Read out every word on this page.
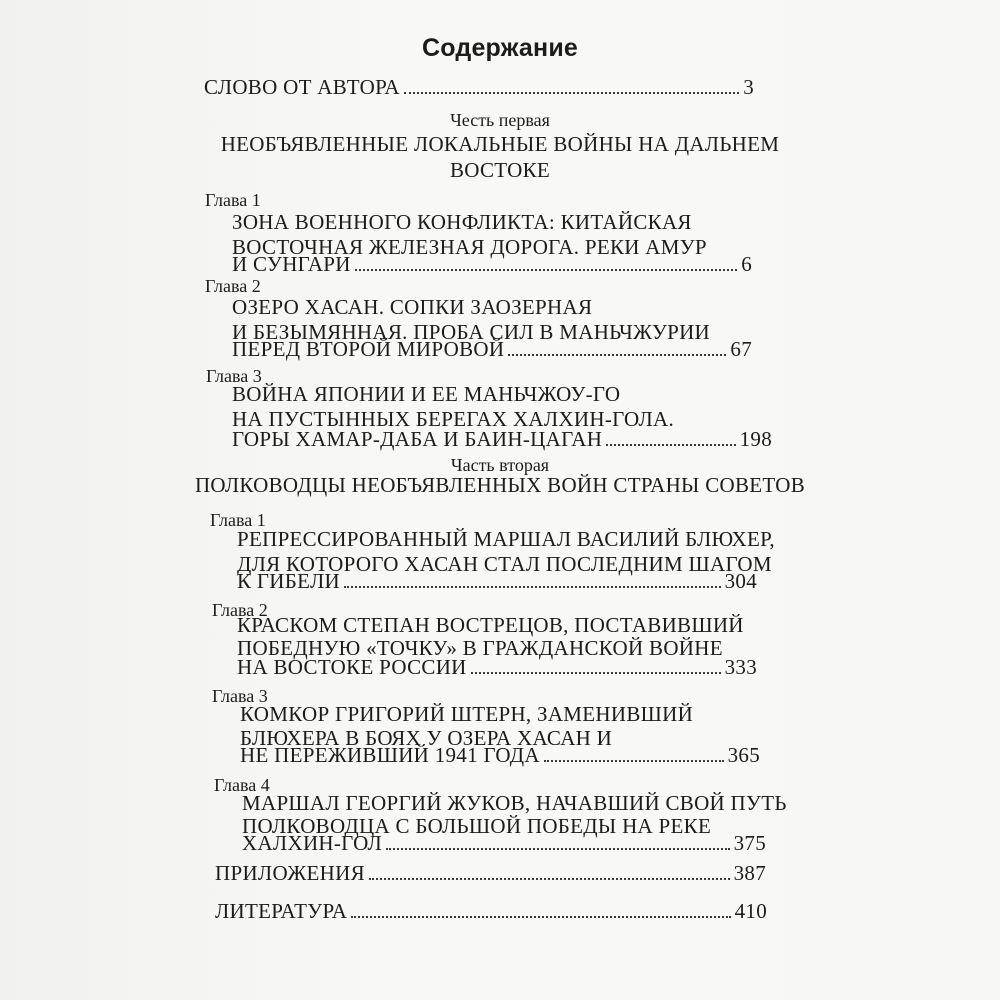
Содержание
СЛОВО ОТ АВТОРА	3
Честь первая
НЕОБЪЯВЛЕННЫЕ ЛОКАЛЬНЫЕ ВОЙНЫ НА ДАЛЬНЕМ
ВОСТОКЕ
Глава 1
ЗОНА ВОЕННОГО КОНФЛИКТА: КИТАЙСКАЯ
ВОСТОЧНАЯ ЖЕЛЕЗНАЯ ДОРОГА. РЕКИ АМУР
И СУНГАРИ	6
Глава 2
ОЗЕРО ХАСАН. СОПКИ ЗАОЗЕРНАЯ
И БЕЗЫМЯННАЯ. ПРОБА СИЛ В МАНЬЧЖУРИИ
ПЕРЕД ВТОРОЙ МИРОВОЙ	67
Глава 3
ВОЙНА ЯПОНИИ И ЕЕ МАНЬЧЖОУ-ГО
НА ПУСТЫННЫХ БЕРЕГАХ ХАЛХИН-ГОЛА.
ГОРЫ ХАМАР-ДАБА И БАИН-ЦАГАН	198
Часть вторая
ПОЛКОВОДЦЫ НЕОБЪЯВЛЕННЫХ ВОЙН СТРАНЫ СОВЕТОВ
Глава 1
РЕПРЕССИРОВАННЫЙ МАРШАЛ ВАСИЛИЙ БЛЮХЕР,
ДЛЯ КОТОРОГО ХАСАН СТАЛ ПОСЛЕДНИМ ШАГОМ
К ГИБЕЛИ	304
Глава 2
КРАСКОМ СТЕПАН ВОСТРЕЦОВ, ПОСТАВИВШИЙ
ПОБЕДНУЮ «ТОЧКУ» В ГРАЖДАНСКОЙ ВОЙНЕ
НА ВОСТОКЕ РОССИИ	333
Глава 3
КОМКОР ГРИГОРИЙ ШТЕРН, ЗАМЕНИВШИЙ
БЛЮХЕРА В БОЯХ У ОЗЕРА ХАСАН И
НЕ ПЕРЕЖИВШИЙ 1941 ГОДА	365
Глава 4
МАРШАЛ ГЕОРГИЙ ЖУКОВ, НАЧАВШИЙ СВОЙ ПУТЬ
ПОЛКОВОДЦА С БОЛЬШОЙ ПОБЕДЫ НА РЕКЕ
ХАЛХИН-ГОЛ	375
ПРИЛОЖЕНИЯ	387
ЛИТЕРАТУРА	410
